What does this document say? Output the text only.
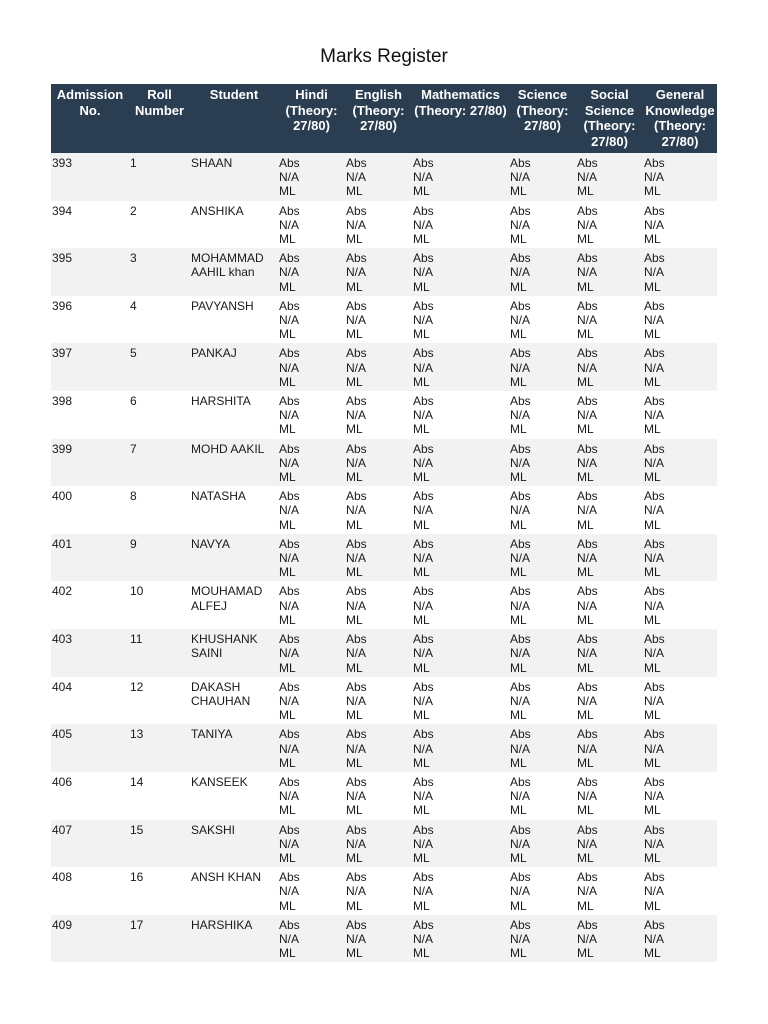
Marks Register
Admission No.	Roll Number	Student	Hindi (Theory: 27/80)	English (Theory: 27/80)	Mathematics (Theory: 27/80)	Science (Theory: 27/80)	Social Science (Theory: 27/80)	General Knowledge (Theory: 27/80)
393	1	SHAAN	Abs
N/A
ML	Abs
N/A
ML	Abs
N/A
ML	Abs
N/A
ML	Abs
N/A
ML	Abs
N/A
ML

394	2	ANSHIKA	Abs
N/A
ML	Abs
N/A
ML	Abs
N/A
ML	Abs
N/A
ML	Abs
N/A
ML	Abs
N/A
ML

395	3	MOHAMMAD AAHIL khan	Abs
N/A
ML	Abs
N/A
ML	Abs
N/A
ML	Abs
N/A
ML	Abs
N/A
ML	Abs
N/A
ML

396	4	PAVYANSH	Abs
N/A
ML	Abs
N/A
ML	Abs
N/A
ML	Abs
N/A
ML	Abs
N/A
ML	Abs
N/A
ML

397	5	PANKAJ	Abs
N/A
ML	Abs
N/A
ML	Abs
N/A
ML	Abs
N/A
ML	Abs
N/A
ML	Abs
N/A
ML

398	6	HARSHITA	Abs
N/A
ML	Abs
N/A
ML	Abs
N/A
ML	Abs
N/A
ML	Abs
N/A
ML	Abs
N/A
ML

399	7	MOHD AAKIL	Abs
N/A
ML	Abs
N/A
ML	Abs
N/A
ML	Abs
N/A
ML	Abs
N/A
ML	Abs
N/A
ML

400	8	NATASHA	Abs
N/A
ML	Abs
N/A
ML	Abs
N/A
ML	Abs
N/A
ML	Abs
N/A
ML	Abs
N/A
ML

401	9	NAVYA	Abs
N/A
ML	Abs
N/A
ML	Abs
N/A
ML	Abs
N/A
ML	Abs
N/A
ML	Abs
N/A
ML

402	10	MOUHAMAD ALFEJ	Abs
N/A
ML	Abs
N/A
ML	Abs
N/A
ML	Abs
N/A
ML	Abs
N/A
ML	Abs
N/A
ML

403	11	KHUSHANK SAINI	Abs
N/A
ML	Abs
N/A
ML	Abs
N/A
ML	Abs
N/A
ML	Abs
N/A
ML	Abs
N/A
ML

404	12	DAKASH CHAUHAN	Abs
N/A
ML	Abs
N/A
ML	Abs
N/A
ML	Abs
N/A
ML	Abs
N/A
ML	Abs
N/A
ML

405	13	TANIYA	Abs
N/A
ML	Abs
N/A
ML	Abs
N/A
ML	Abs
N/A
ML	Abs
N/A
ML	Abs
N/A
ML

406	14	KANSEEK	Abs
N/A
ML	Abs
N/A
ML	Abs
N/A
ML	Abs
N/A
ML	Abs
N/A
ML	Abs
N/A
ML

407	15	SAKSHI	Abs
N/A
ML	Abs
N/A
ML	Abs
N/A
ML	Abs
N/A
ML	Abs
N/A
ML	Abs
N/A
ML

408	16	ANSH KHAN	Abs
N/A
ML	Abs
N/A
ML	Abs
N/A
ML	Abs
N/A
ML	Abs
N/A
ML	Abs
N/A
ML

409	17	HARSHIKA	Abs
N/A
ML	Abs
N/A
ML	Abs
N/A
ML	Abs
N/A
ML	Abs
N/A
ML	Abs
N/A
ML
